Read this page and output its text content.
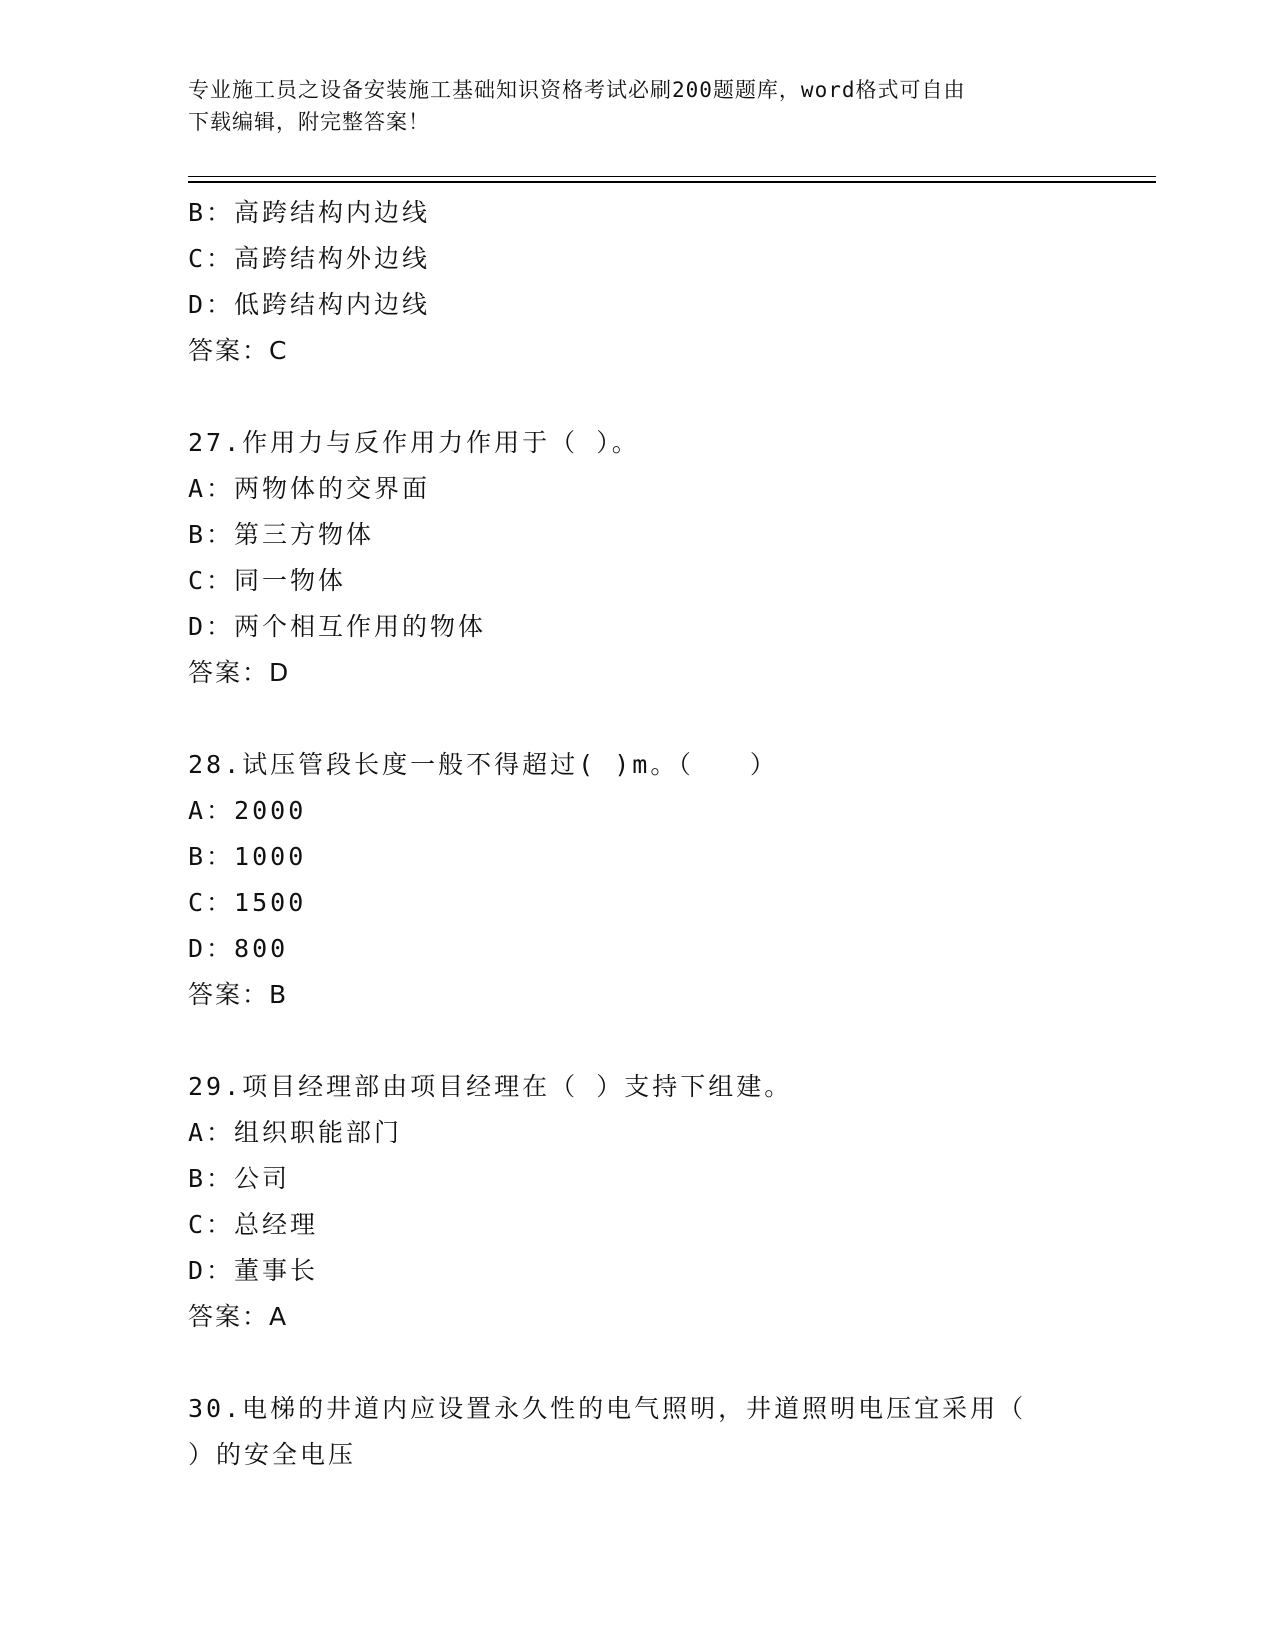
专业施工员之设备安装施工基础知识资格考试必刷200题题库，word格式可自由
下载编辑，附完整答案！
B：高跨结构内边线
C：高跨结构外边线
D：低跨结构内边线
答案：C
27.作用力与反作用力作用于（ ）。
A：两物体的交界面
B：第三方物体
C：同一物体
D：两个相互作用的物体
答案：D
28.试压管段长度一般不得超过( )m。（　　）
A：2000
B：1000
C：1500
D：800
答案：B
29.项目经理部由项目经理在（ ）支持下组建。
A：组织职能部门
B：公司
C：总经理
D：董事长
答案：A
30.电梯的井道内应设置永久性的电气照明，井道照明电压宜采用（
）的安全电压
